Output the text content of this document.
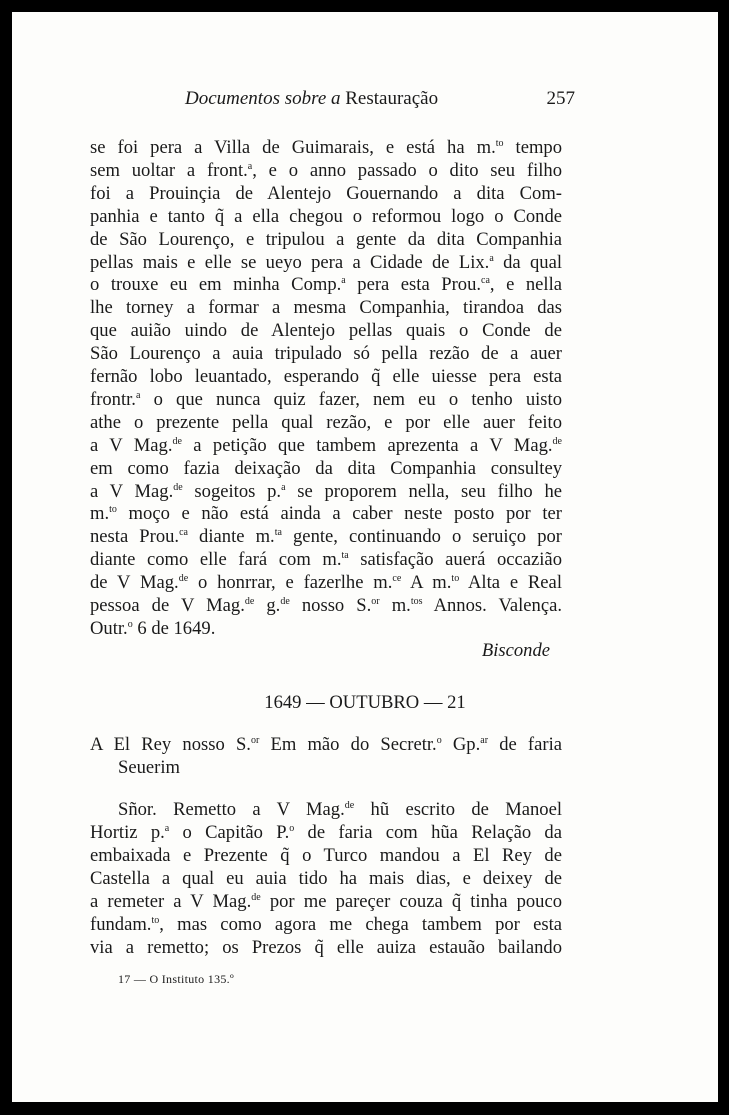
Documentos sobre a Restauração	257
se foi pera a Villa de Guimarais, e está ha m.$^{to}$ tempo
sem uoltar a front.$^a$, e o anno passado o dito seu filho
foi a Prouinçia de Alentejo Gouernando a dita Com-
panhia e tanto q̃ a ella chegou o reformou logo o Conde
de São Lourenço, e tripulou a gente da dita Companhia
pellas mais e elle se ueyo pera a Cidade de Lix.$^a$ da qual
o trouxe eu em minha Comp.$^a$ pera esta Prou.$^{ca}$, e nella
lhe torney a formar a mesma Companhia, tirandoa das
que auião uindo de Alentejo pellas quais o Conde de
São Lourenço a auia tripulado só pella rezão de a auer
fernão lobo leuantado, esperando q̃ elle uiesse pera esta
frontr.$^a$ o que nunca quiz fazer, nem eu o tenho uisto
athe o prezente pella qual rezão, e por elle auer feito
a V Mag.$^{de}$ a petição que tambem aprezenta a V Mag.$^{de}$
em como fazia deixação da dita Companhia consultey
a V Mag.$^{de}$ sogeitos p.$^a$ se proporem nella, seu filho he
m.$^{to}$ moço e não está ainda a caber neste posto por ter
nesta Prou.$^{ca}$ diante m.$^{ta}$ gente, continuando o seruiço por
diante como elle fará com m.$^{ta}$ satisfação auerá occazião
de V Mag.$^{de}$ o honrrar, e fazerlhe m.$^{ce}$ A m.$^{to}$ Alta e Real
pessoa de V Mag.$^{de}$ g.$^{de}$ nosso S.$^{or}$ m.$^{tos}$ Annos. Valença.
Outr.$^o$ 6 de 1649.
Bisconde
1649 — OUTUBRO — 21
A El Rey nosso S.$^{or}$ Em mão do Secretr.$^o$ Gp.$^{ar}$ de faria
Seuerim
Sñor. Remetto a V Mag.$^{de}$ hũ escrito de Manoel
Hortiz p.$^a$ o Capitão P.$^o$ de faria com hũa Relação da
embaixada e Prezente q̃ o Turco mandou a El Rey de
Castella a qual eu auia tido ha mais dias, e deixey de
a remeter a V Mag.$^{de}$ por me pareçer couza q̃ tinha pouco
fundam.$^{to}$, mas como agora me chega tambem por esta
via a remetto; os Prezos q̃ elle auiza estauão bailando
17 — O Instituto 135.º
